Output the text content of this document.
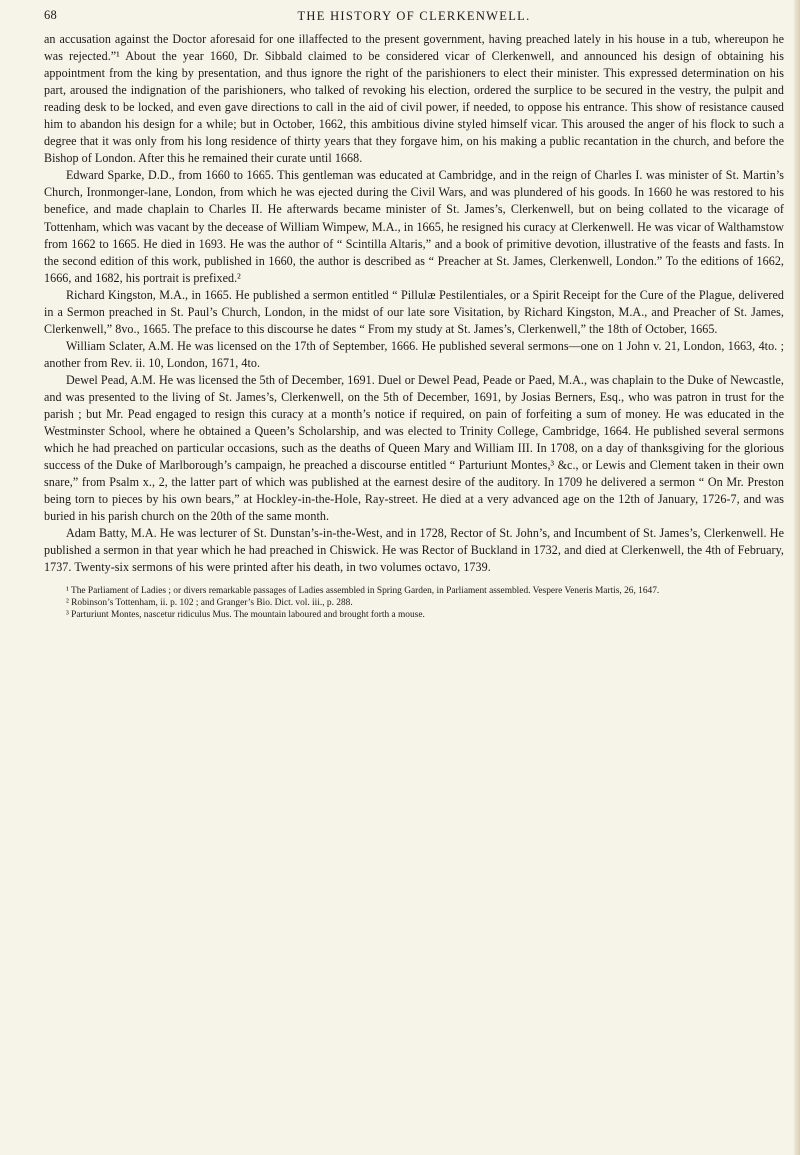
68	THE HISTORY OF CLERKENWELL.

an accusation against the Doctor aforesaid for one illaffected to the present government, having preached lately in his house in a tub, whereupon he was rejected.”¹ About the year 1660, Dr. Sibbald claimed to be considered vicar of Clerkenwell, and announced his design of obtaining his appointment from the king by presentation, and thus ignore the right of the parishioners to elect their minister. This expressed determination on his part, aroused the indignation of the parishioners, who talked of revoking his election, ordered the surplice to be secured in the vestry, the pulpit and reading desk to be locked, and even gave directions to call in the aid of civil power, if needed, to oppose his entrance. This show of resistance caused him to abandon his design for a while; but in October, 1662, this ambitious divine styled himself vicar. This aroused the anger of his flock to such a degree that it was only from his long residence of thirty years that they forgave him, on his making a public recantation in the church, and before the Bishop of London. After this he remained their curate until 1668.

Edward Sparke, D.D., from 1660 to 1665. This gentleman was educated at Cambridge, and in the reign of Charles I. was minister of St. Martin’s Church, Ironmonger-lane, London, from which he was ejected during the Civil Wars, and was plundered of his goods. In 1660 he was restored to his benefice, and made chaplain to Charles II. He afterwards became minister of St. James’s, Clerkenwell, but on being collated to the vicarage of Tottenham, which was vacant by the decease of William Wimpew, M.A., in 1665, he resigned his curacy at Clerkenwell. He was vicar of Walthamstow from 1662 to 1665. He died in 1693. He was the author of “ Scintilla Altaris,” and a book of primitive devotion, illustrative of the feasts and fasts. In the second edition of this work, published in 1660, the author is described as “ Preacher at St. James, Clerkenwell, London.” To the editions of 1662, 1666, and 1682, his portrait is prefixed.²

Richard Kingston, M.A., in 1665. He published a sermon entitled “ Pillulæ Pestilentiales, or a Spirit Receipt for the Cure of the Plague, delivered in a Sermon preached in St. Paul’s Church, London, in the midst of our late sore Visitation, by Richard Kingston, M.A., and Preacher of St. James, Clerkenwell,” 8vo., 1665. The preface to this discourse he dates “ From my study at St. James’s, Clerkenwell,” the 18th of October, 1665.

William Sclater, A.M. He was licensed on the 17th of September, 1666. He published several sermons—one on 1 John v. 21, London, 1663, 4to. ; another from Rev. ii. 10, London, 1671, 4to.

Dewel Pead, A.M. He was licensed the 5th of December, 1691. Duel or Dewel Pead, Peade or Paed, M.A., was chaplain to the Duke of Newcastle, and was presented to the living of St. James’s, Clerkenwell, on the 5th of December, 1691, by Josias Berners, Esq., who was patron in trust for the parish ; but Mr. Pead engaged to resign this curacy at a month’s notice if required, on pain of forfeiting a sum of money. He was educated in the Westminster School, where he obtained a Queen’s Scholarship, and was elected to Trinity College, Cambridge, 1664. He published several sermons which he had preached on particular occasions, such as the deaths of Queen Mary and William III. In 1708, on a day of thanksgiving for the glorious success of the Duke of Marlborough’s campaign, he preached a discourse entitled “ Parturiunt Montes,³ &c., or Lewis and Clement taken in their own snare,” from Psalm x., 2, the latter part of which was published at the earnest desire of the auditory. In 1709 he delivered a sermon “ On Mr. Preston being torn to pieces by his own bears,” at Hockley-in-the-Hole, Ray-street. He died at a very advanced age on the 12th of January, 1726-7, and was buried in his parish church on the 20th of the same month.

Adam Batty, M.A. He was lecturer of St. Dunstan’s-in-the-West, and in 1728, Rector of St. John’s, and Incumbent of St. James’s, Clerkenwell. He published a sermon in that year which he had preached in Chiswick. He was Rector of Buckland in 1732, and died at Clerkenwell, the 4th of February, 1737. Twenty-six sermons of his were printed after his death, in two volumes octavo, 1739.

¹ The Parliament of Ladies ; or divers remarkable passages of Ladies assembled in Spring Garden, in Parliament assembled. Vespere Veneris Martis, 26, 1647.

² Robinson’s Tottenham, ii. p. 102 ; and Granger’s Bio. Dict. vol. iii., p. 288.

³ Parturiunt Montes, nascetur ridiculus Mus. The mountain laboured and brought forth a mouse.
